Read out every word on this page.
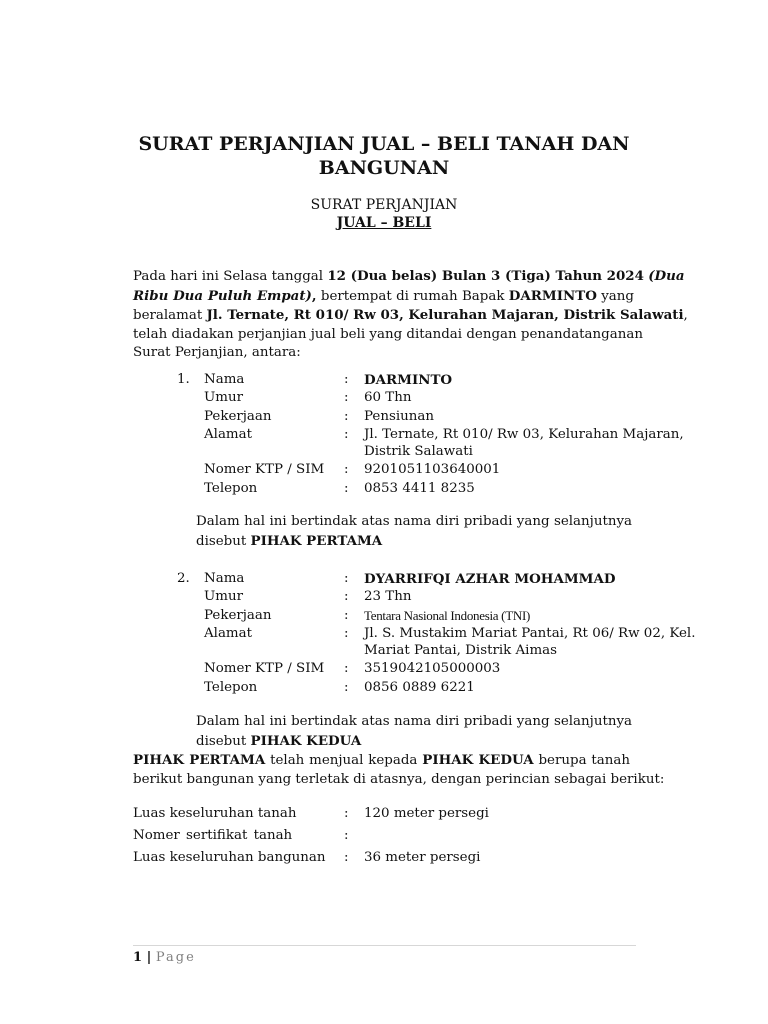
SURAT PERJANJIAN JUAL – BELI TANAH DAN
BANGUNAN
SURAT PERJANJIAN
JUAL – BELI
Pada hari ini Selasa tanggal 12 (Dua belas) Bulan 3 (Tiga) Tahun 2024 (Dua
Ribu Dua Puluh Empat), bertempat di rumah Bapak DARMINTO yang
beralamat Jl. Ternate, Rt 010/ Rw 03, Kelurahan Majaran, Distrik Salawati,
telah diadakan perjanjian jual beli yang ditandai dengan penandatanganan
Surat Perjanjian, antara:
1. Nama	: DARMINTO
Umur	: 60 Thn
Pekerjaan	: Pensiunan
Alamat	: Jl. Ternate, Rt 010/ Rw 03, Kelurahan Majaran,
Distrik Salawati
Nomer KTP / SIM : 9201051103640001
Telepon	: 0853 4411 8235
Dalam hal ini bertindak atas nama diri pribadi yang selanjutnya
disebut PIHAK PERTAMA
2. Nama	: DYARRIFQI AZHAR MOHAMMAD
Umur	: 23 Thn
Pekerjaan	: Tentara Nasional Indonesia (TNI)
Alamat	: Jl. S. Mustakim Mariat Pantai, Rt 06/ Rw 02, Kel.
Mariat Pantai, Distrik Aimas
Nomer KTP / SIM : 3519042105000003
Telepon	: 0856 0889 6221
Dalam hal ini bertindak atas nama diri pribadi yang selanjutnya
disebut PIHAK KEDUA
PIHAK PERTAMA telah menjual kepada PIHAK KEDUA berupa tanah
berikut bangunan yang terletak di atasnya, dengan perincian sebagai berikut:
Luas keseluruhan tanah	: 120 meter persegi
Nomer sertifikat tanah	:
Luas keseluruhan bangunan : 36 meter persegi
1 | Page
